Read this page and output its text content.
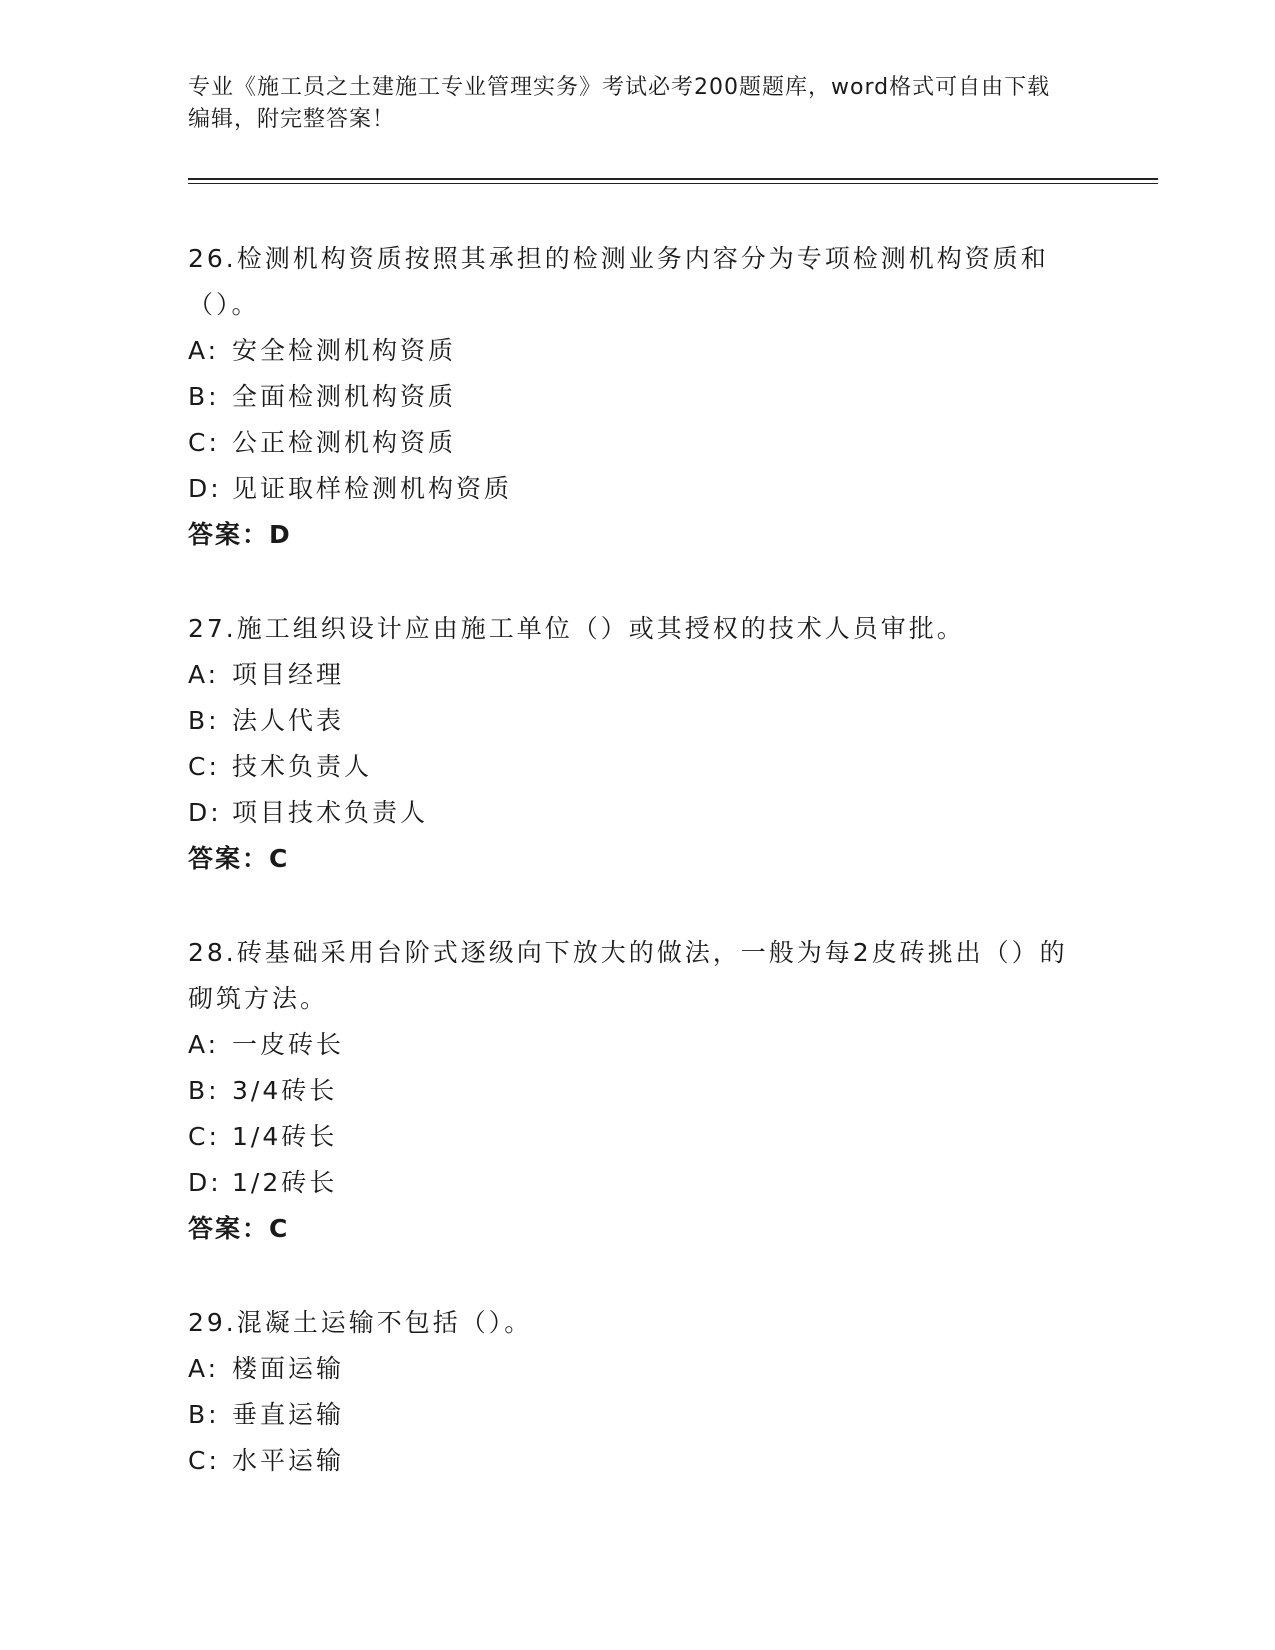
专业《施工员之土建施工专业管理实务》考试必考200题题库，word格式可自由下载编辑，附完整答案！
26.检测机构资质按照其承担的检测业务内容分为专项检测机构资质和（）。
A: 安全检测机构资质
B: 全面检测机构资质
C: 公正检测机构资质
D: 见证取样检测机构资质
答案：D
27.施工组织设计应由施工单位（）或其授权的技术人员审批。
A: 项目经理
B: 法人代表
C: 技术负责人
D: 项目技术负责人
答案：C
28.砖基础采用台阶式逐级向下放大的做法，一般为每2皮砖挑出（）的砌筑方法。
A: 一皮砖长
B: 3/4砖长
C: 1/4砖长
D: 1/2砖长
答案：C
29.混凝土运输不包括（）。
A: 楼面运输
B: 垂直运输
C: 水平运输
